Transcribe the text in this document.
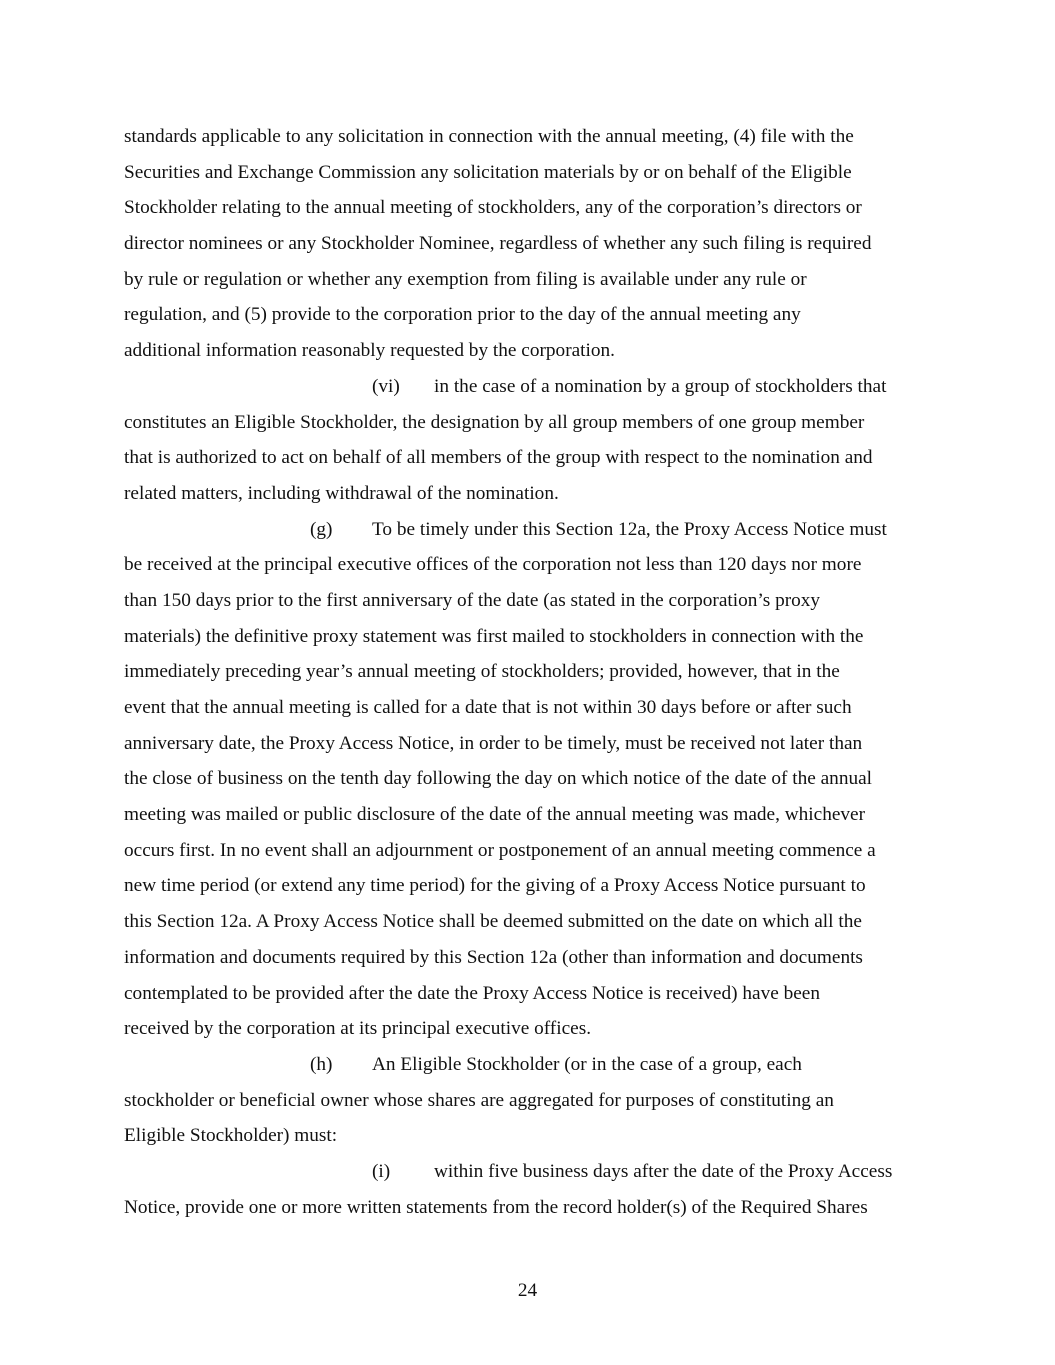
standards applicable to any solicitation in connection with the annual meeting, (4) file with the
Securities and Exchange Commission any solicitation materials by or on behalf of the Eligible
Stockholder relating to the annual meeting of stockholders, any of the corporation’s directors or
director nominees or any Stockholder Nominee, regardless of whether any such filing is required
by rule or regulation or whether any exemption from filing is available under any rule or
regulation, and (5) provide to the corporation prior to the day of the annual meeting any
additional information reasonably requested by the corporation.
(vi) in the case of a nomination by a group of stockholders that
constitutes an Eligible Stockholder, the designation by all group members of one group member
that is authorized to act on behalf of all members of the group with respect to the nomination and
related matters, including withdrawal of the nomination.
(g) To be timely under this Section 12a, the Proxy Access Notice must
be received at the principal executive offices of the corporation not less than 120 days nor more
than 150 days prior to the first anniversary of the date (as stated in the corporation’s proxy
materials) the definitive proxy statement was first mailed to stockholders in connection with the
immediately preceding year’s annual meeting of stockholders; provided, however, that in the
event that the annual meeting is called for a date that is not within 30 days before or after such
anniversary date, the Proxy Access Notice, in order to be timely, must be received not later than
the close of business on the tenth day following the day on which notice of the date of the annual
meeting was mailed or public disclosure of the date of the annual meeting was made, whichever
occurs first. In no event shall an adjournment or postponement of an annual meeting commence a
new time period (or extend any time period) for the giving of a Proxy Access Notice pursuant to
this Section 12a. A Proxy Access Notice shall be deemed submitted on the date on which all the
information and documents required by this Section 12a (other than information and documents
contemplated to be provided after the date the Proxy Access Notice is received) have been
received by the corporation at its principal executive offices.
(h) An Eligible Stockholder (or in the case of a group, each
stockholder or beneficial owner whose shares are aggregated for purposes of constituting an
Eligible Stockholder) must:
(i) within five business days after the date of the Proxy Access
Notice, provide one or more written statements from the record holder(s) of the Required Shares
24
